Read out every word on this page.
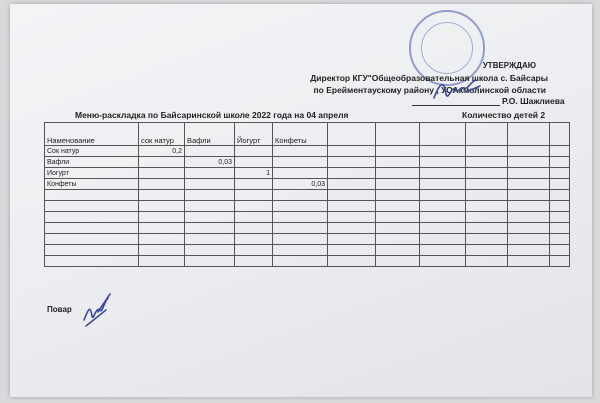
УТВЕРЖДАЮ
Директор КГУ"Общеобразовательная школа с. Байсары
по Ерейментаускому району , УОАкмолинской области
Р.О. Шажлиева
Меню-раскладка по Байсаринской школе 2022 года на 04 апреля	Количество детей 2
Наменование	сок натур	Вафли	Йогурт	Конфеты						
Сок натур	0,2									
Вафли		0,03								
Иогурт			1							
Конфеты				0,03						

Повар
